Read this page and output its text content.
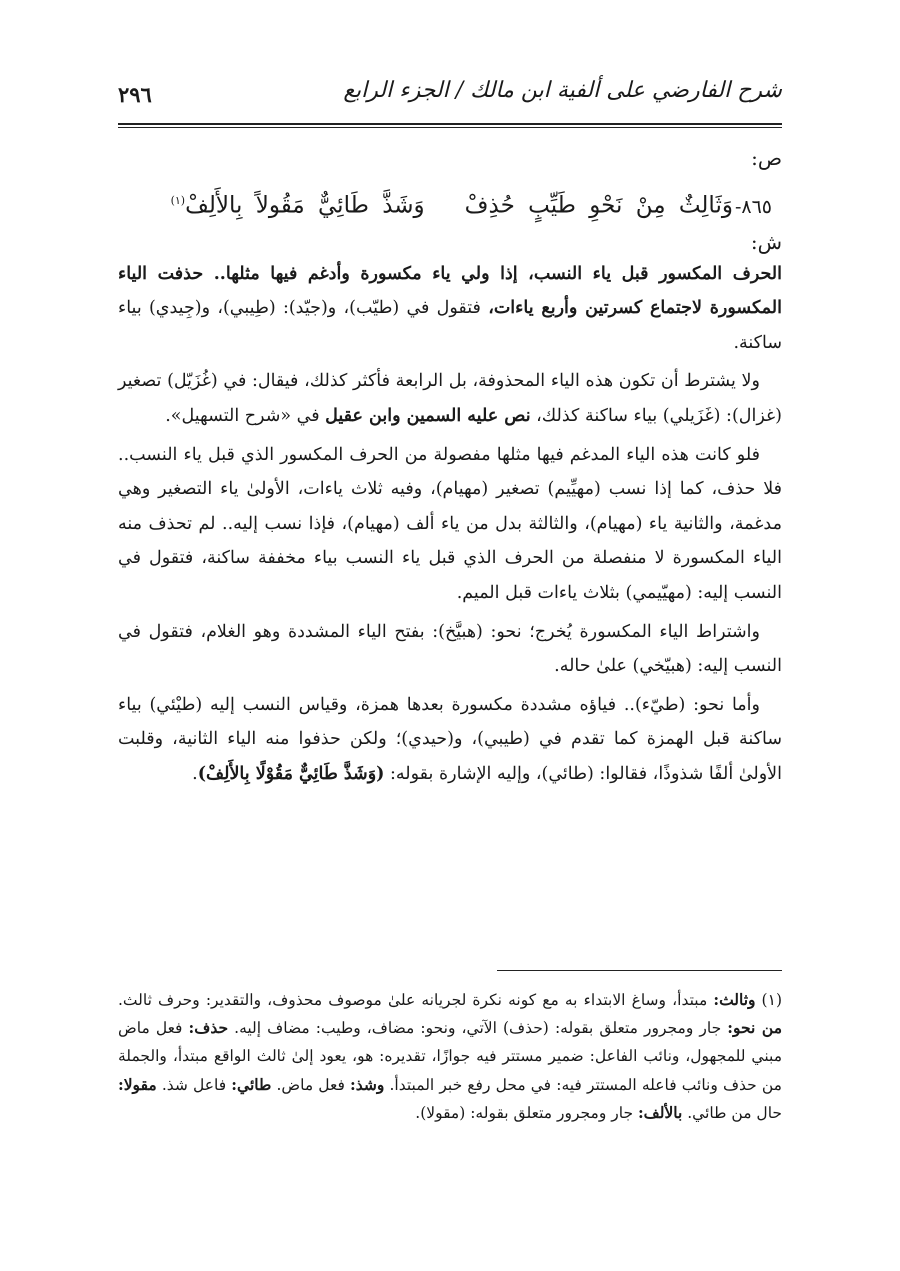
٢٩٦	شرح الفارضي على ألفية ابن مالك / الجزء الرابع

ص:

٨٦٥-وَثَالِثٌ مِنْ نَحْوِ طَيِّبٍ حُذِفْوَشَذَّ طَائِيٌّ مَقُولاً بِالأَلِفْ$^{(١)}$

ش:

الحرف المكسور قبل ياء النسب، إذا ولي ياء مكسورة وأدغم فيها مثلها.. حذفت الياء المكسورة لاجتماع كسرتين وأربع ياءات، فتقول في (طيّب)، و(جيّد): (طِيبي)، و(جِيدي) بياء ساكنة.

ولا يشترط أن تكون هذه الياء المحذوفة، بل الرابعة فأكثر كذلك، فيقال: في (غُزَيّل) تصغير (غزال): (غَزَيلي) بياء ساكنة كذلك، نص عليه السمين وابن عقيل في «شرح التسهيل».

فلو كانت هذه الياء المدغم فيها مثلها مفصولة من الحرف المكسور الذي قبل ياء النسب.. فلا حذف، كما إذا نسب (مهيِّيم) تصغير (مهيام)، وفيه ثلاث ياءات، الأولىٰ ياء التصغير وهي مدغمة، والثانية ياء (مهيام)، والثالثة بدل من ياء ألف (مهيام)، فإذا نسب إليه.. لم تحذف منه الياء المكسورة لا منفصلة من الحرف الذي قبل ياء النسب بياء مخففة ساكنة، فتقول في النسب إليه: (مهيّيمي) بثلاث ياءات قبل الميم.

واشتراط الياء المكسورة يُخرج؛ نحو: (هبيَّخ): بفتح الياء المشددة وهو الغلام، فتقول في النسب إليه: (هبيّخي) علىٰ حاله.

وأما نحو: (طيّء).. فياؤه مشددة مكسورة بعدها همزة، وقياس النسب إليه (طيْئي) بياء ساكنة قبل الهمزة كما تقدم في (طيبي)، و(حيدي)؛ ولكن حذفوا منه الياء الثانية، وقلبت الأولىٰ ألفًا شذوذًا، فقالوا: (طائي)، وإليه الإشارة بقوله: (وَشَذَّ طَائِيٌّ مَقُوْلًا بِالأَلِفْ).

(١)وثالث: مبتدأ، وساغ الابتداء به مع كونه نكرة لجريانه علىٰ موصوف محذوف، والتقدير: وحرف ثالث. من نحو: جار ومجرور متعلق بقوله: (حذف) الآتي، ونحو: مضاف، وطيب: مضاف إليه. حذف: فعل ماض مبني للمجهول، ونائب الفاعل: ضمير مستتر فيه جوازًا، تقديره: هو، يعود إلىٰ ثالث الواقع مبتدأ، والجملة من حذف ونائب فاعله المستتر فيه: في محل رفع خبر المبتدأ. وشذ: فعل ماض. طائي: فاعل شذ. مقولا: حال من طائي. بالألف: جار ومجرور متعلق بقوله: (مقولا).
